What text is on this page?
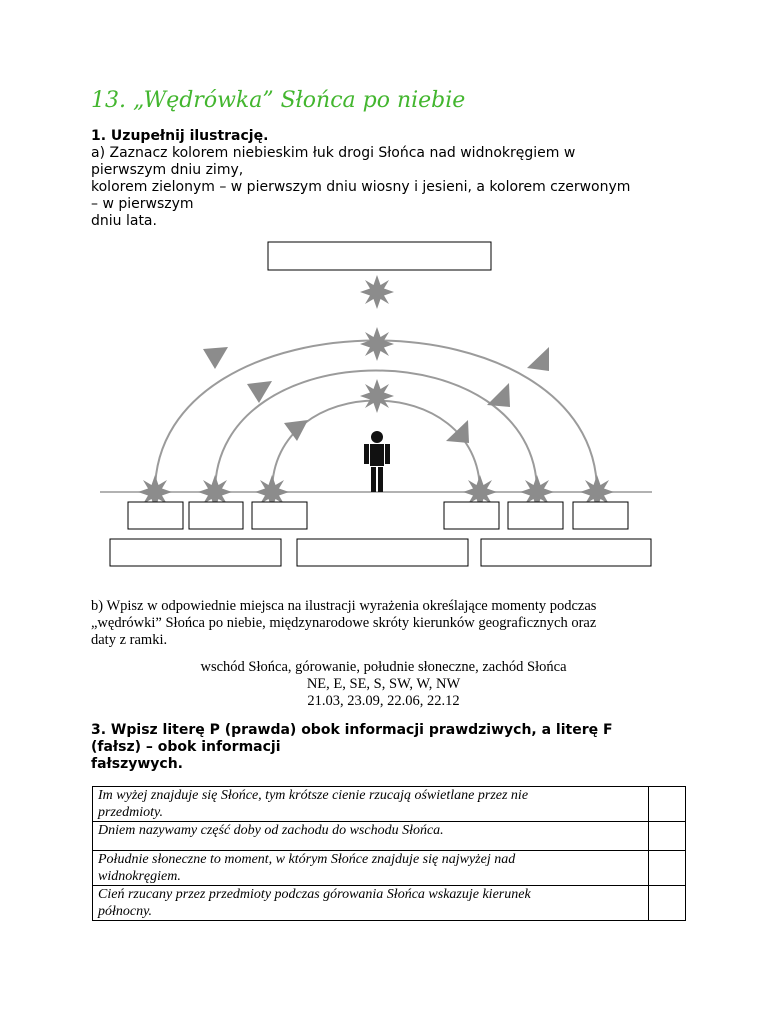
13. „Wędrówka” Słońca po niebie
1. Uzupełnij ilustrację.
a) Zaznacz kolorem niebieskim łuk drogi Słońca nad widnokręgiem w
pierwszym dniu zimy,
kolorem zielonym – w pierwszym dniu wiosny i jesieni, a kolorem czerwonym
– w pierwszym
dniu lata.
b) Wpisz w odpowiednie miejsca na ilustracji wyrażenia określające momenty podczas
„wędrówki” Słońca po niebie, międzynarodowe skróty kierunków geograficznych oraz
daty z ramki.
wschód Słońca, górowanie, południe słoneczne, zachód Słońca
NE, E, SE, S, SW, W, NW
21.03, 23.09, 22.06, 22.12
3. Wpisz literę P (prawda) obok informacji prawdziwych, a literę F
(fałsz) – obok informacji
fałszywych.
Im wyżej znajduje się Słońce, tym krótsze cienie rzucają oświetlane przez nie
przedmioty.	

Dniem nazywamy część doby od zachodu do wschodu Słońca.	

Południe słoneczne to moment, w którym Słońce znajduje się najwyżej nad
widnokręgiem.	

Cień rzucany przez przedmioty podczas górowania Słońca wskazuje kierunek
północny.	
